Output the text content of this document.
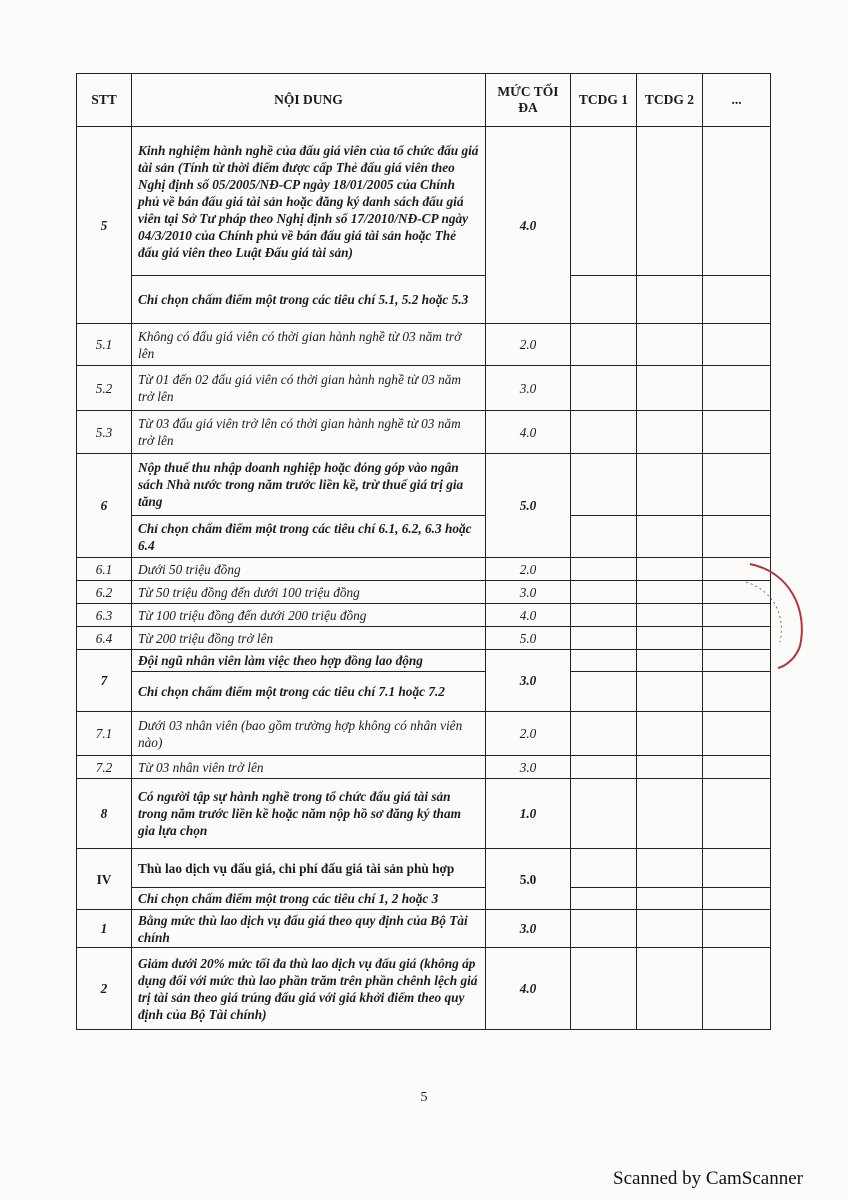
STT	NỘI DUNG	MỨC TỐI ĐA	TCDG 1	TCDG 2	...
5	Kinh nghiệm hành nghề của đấu giá viên của tổ chức đấu giá tài sản (Tính từ thời điểm được cấp Thẻ đấu giá viên theo Nghị định số 05/2005/NĐ-CP ngày 18/01/2005 của Chính phủ về bán đấu giá tài sản hoặc đăng ký danh sách đấu giá viên tại Sở Tư pháp theo Nghị định số 17/2010/NĐ-CP ngày 04/3/2010 của Chính phủ về bán đấu giá tài sản hoặc Thẻ đấu giá viên theo Luật Đấu giá tài sản)	4.0			
	Chỉ chọn chấm điểm một trong các tiêu chí 5.1, 5.2 hoặc 5.3				
5.1	Không có đấu giá viên có thời gian hành nghề từ 03 năm trở lên	2.0			
5.2	Từ 01 đến 02 đấu giá viên có thời gian hành nghề từ 03 năm trở lên	3.0			
5.3	Từ 03 đấu giá viên trở lên có thời gian hành nghề từ 03 năm trở lên	4.0			
6	Nộp thuế thu nhập doanh nghiệp hoặc đóng góp vào ngân sách Nhà nước trong năm trước liền kề, trừ thuế giá trị gia tăng	5.0			
	Chỉ chọn chấm điểm một trong các tiêu chí 6.1, 6.2, 6.3 hoặc 6.4				
6.1	Dưới 50 triệu đồng	2.0			
6.2	Từ 50 triệu đồng đến dưới 100 triệu đồng	3.0			
6.3	Từ 100 triệu đồng đến dưới 200 triệu đồng	4.0			
6.4	Từ 200 triệu đồng trở lên	5.0			
7	Đội ngũ nhân viên làm việc theo hợp đồng lao động	3.0			
	Chỉ chọn chấm điểm một trong các tiêu chí 7.1 hoặc 7.2				
7.1	Dưới 03 nhân viên (bao gồm trường hợp không có nhân viên nào)	2.0			
7.2	Từ 03 nhân viên trở lên	3.0			
8	Có người tập sự hành nghề trong tổ chức đấu giá tài sản trong năm trước liền kề hoặc năm nộp hồ sơ đăng ký tham gia lựa chọn	1.0			
IV	Thù lao dịch vụ đấu giá, chi phí đấu giá tài sản phù hợp	5.0			
	Chỉ chọn chấm điểm một trong các tiêu chí 1, 2 hoặc 3				
1	Bằng mức thù lao dịch vụ đấu giá theo quy định của Bộ Tài chính	3.0			
2	Giảm dưới 20% mức tối đa thù lao dịch vụ đấu giá (không áp dụng đối với mức thù lao phần trăm trên phần chênh lệch giá trị tài sản theo giá trúng đấu giá với giá khởi điểm theo quy định của Bộ Tài chính)	4.0			
5
Scanned by CamScanner
